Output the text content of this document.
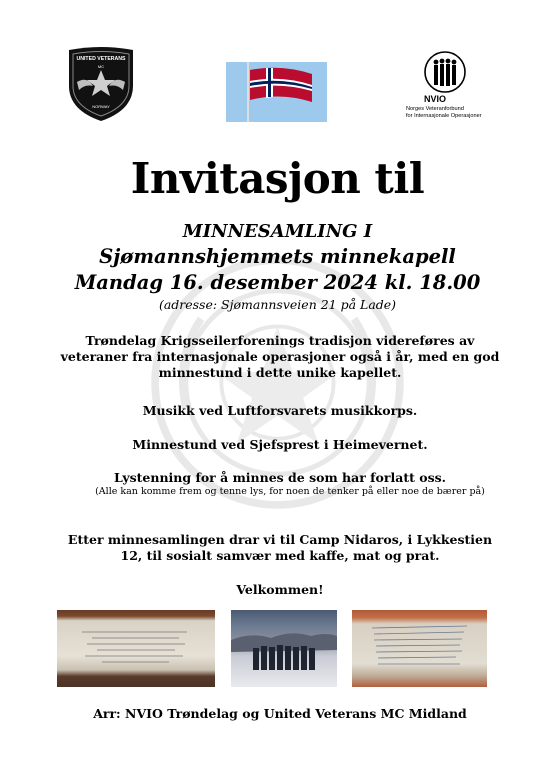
UNITED VETERANS
MC
NORWAY
NVIO
Norges Veteranforbund
for Internasjonale Operasjoner
Invitasjon til
MINNESAMLING I
Sjømannshjemmets minnekapell
Mandag 16. desember 2024 kl. 18.00
(adresse: Sjømannsveien 21 på Lade)
Trøndelag Krigsseilerforenings tradisjon videreføres av veteraner fra internasjonale operasjoner også i år, med en god minnestund i dette unike kapellet.
Musikk ved Luftforsvarets musikkorps.
Minnestund ved Sjefsprest i Heimevernet.
Lystenning for å minnes de som har forlatt oss.
(Alle kan komme frem og tenne lys, for noen de tenker på eller noe de bærer på)
Etter minnesamlingen drar vi til Camp Nidaros, i Lykkestien 12, til sosialt samvær med kaffe, mat og prat.
Velkommen!
Arr: NVIO Trøndelag og United Veterans MC Midland
